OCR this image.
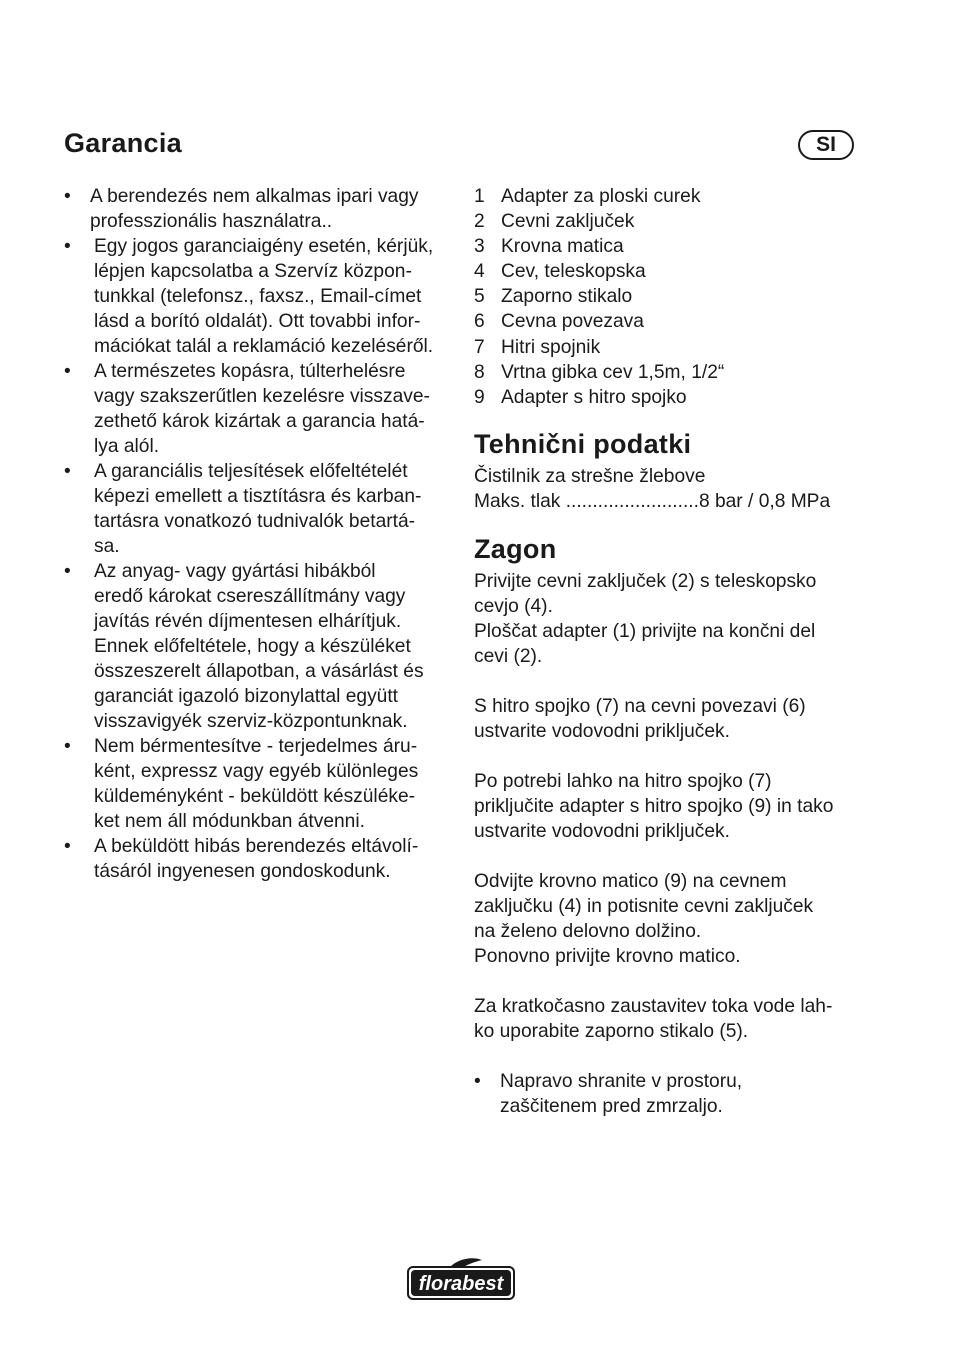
Garancia	SI
•	A berendezés nem alkalmas ipari vagy
professzionális használatra..
•	Egy jogos garanciaigény esetén, kérjük,
lépjen kapcsolatba a Szervíz közpon-
tunkkal (telefonsz., faxsz., Email-címet
lásd a borító oldalát). Ott tovabbi infor-
mációkat talál a reklamáció kezeléséről.
•	A természetes kopásra, túlterhelésre
vagy szakszerűtlen kezelésre visszave-
zethető károk kizártak a garancia hatá-
lya alól.
•	A garanciális teljesítések előfeltételét
képezi emellett a tisztításra és karban-
tartásra vonatkozó tudnivalók betartá-
sa.
•	Az anyag- vagy gyártási hibákból
eredő károkat csereszállítmány vagy
javítás révén díjmentesen elhárítjuk.
Ennek előfeltétele, hogy a készüléket
összeszerelt állapotban, a vásárlást és
garanciát igazoló bizonylattal együtt
visszavigyék szerviz-központunknak.
•	Nem bérmentesítve - terjedelmes áru-
ként, expressz vagy egyéb különleges
küldeményként - beküldött készüléke-
ket nem áll módunkban átvenni.
•	A beküldött hibás berendezés eltávolí-
tásáról ingyenesen gondoskodunk.
1 Adapter za ploski curek
2 Cevni zaključek
3 Krovna matica
4 Cev, teleskopska
5 Zaporno stikalo
6 Cevna povezava
7 Hitri spojnik
8 Vrtna gibka cev 1,5m, 1/2“
9 Adapter s hitro spojko
Tehnični podatki

Čistilnik za strešne žlebove

Maks. tlak .........................8 bar / 0,8 MPa

Zagon

Privijte cevni zaključek (2) s teleskopsko
cevjo (4).
Ploščat adapter (1) privijte na končni del
cevi (2).

S hitro spojko (7) na cevni povezavi (6)
ustvarite vodovodni priključek.

Po potrebi lahko na hitro spojko (7)
priključite adapter s hitro spojko (9) in tako
ustvarite vodovodni priključek.

Odvijte krovno matico (9) na cevnem
zaključku (4) in potisnite cevni zaključek
na želeno delovno dolžino.
Ponovno privijte krovno matico.

Za kratkočasno zaustavitev toka vode lah-
ko uporabite zaporno stikalo (5).

•	Napravo shranite v prostoru,
zaščitenem pred zmrzaljo.
florabest
